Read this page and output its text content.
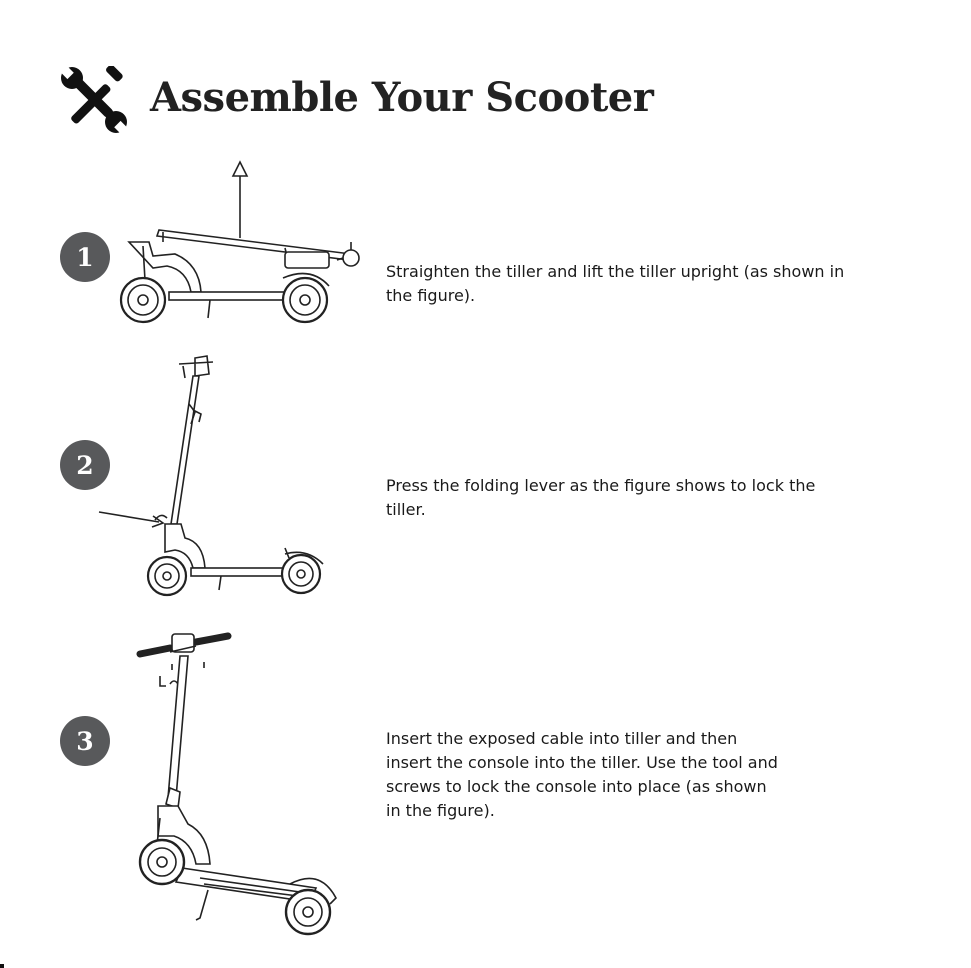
Assemble Your Scooter
1	Straighten the tiller and lift the tiller upright (as shown in the figure).
2
Press the folding lever as the figure shows to lock the tiller.
3	Insert the exposed cable into tiller and then insert the console into the tiller. Use the tool and screws to lock the console into place (as shown in the figure).
